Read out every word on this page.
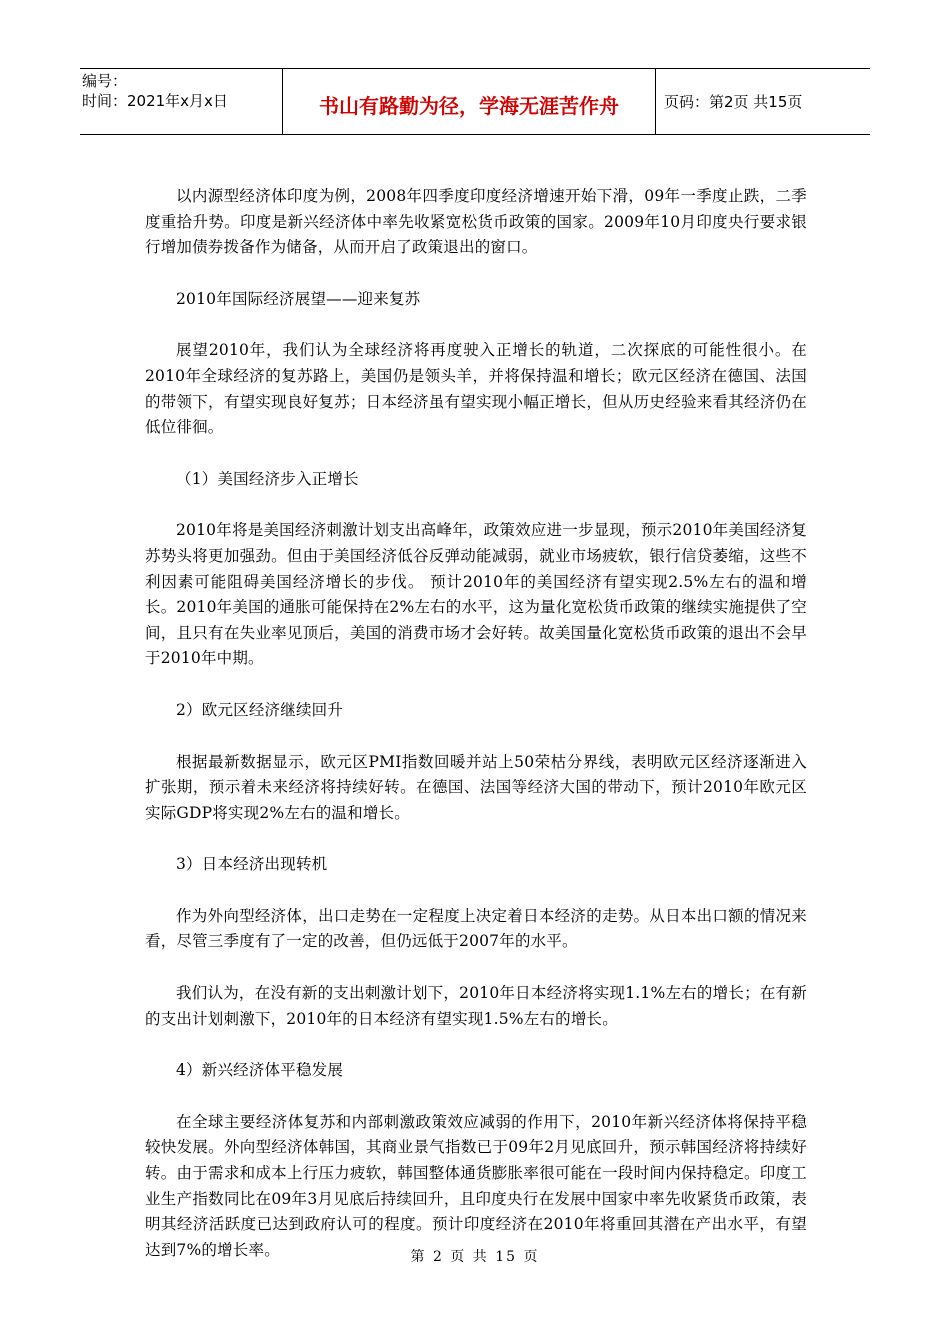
编号：
时间：2021年x月x日	书山有路勤为径，学海无涯苦作舟	页码：第2页 共15页

以内源型经济体印度为例，2008年四季度印度经济增速开始下滑，09年一季度止跌，二季度重拾升势。印度是新兴经济体中率先收紧宽松货币政策的国家。2009年10月印度央行要求银行增加债券拨备作为储备，从而开启了政策退出的窗口。

2010年国际经济展望——迎来复苏

展望2010年，我们认为全球经济将再度驶入正增长的轨道，二次探底的可能性很小。在2010年全球经济的复苏路上，美国仍是领头羊，并将保持温和增长；欧元区经济在德国、法国的带领下，有望实现良好复苏；日本经济虽有望实现小幅正增长，但从历史经验来看其经济仍在低位徘徊。

（1）美国经济步入正增长

2010年将是美国经济刺激计划支出高峰年，政策效应进一步显现，预示2010年美国经济复苏势头将更加强劲。但由于美国经济低谷反弹动能减弱，就业市场疲软，银行信贷萎缩，这些不利因素可能阻碍美国经济增长的步伐。 预计2010年的美国经济有望实现2.5%左右的温和增长。2010年美国的通胀可能保持在2%左右的水平，这为量化宽松货币政策的继续实施提供了空间，且只有在失业率见顶后，美国的消费市场才会好转。故美国量化宽松货币政策的退出不会早于2010年中期。

2）欧元区经济继续回升

根据最新数据显示，欧元区PMI指数回暖并站上50荣枯分界线，表明欧元区经济逐渐进入扩张期，预示着未来经济将持续好转。在德国、法国等经济大国的带动下，预计2010年欧元区实际GDP将实现2%左右的温和增长。

3）日本经济出现转机

作为外向型经济体，出口走势在一定程度上决定着日本经济的走势。从日本出口额的情况来看，尽管三季度有了一定的改善，但仍远低于2007年的水平。

我们认为，在没有新的支出刺激计划下，2010年日本经济将实现1.1%左右的增长；在有新的支出计划刺激下，2010年的日本经济有望实现1.5%左右的增长。

4）新兴经济体平稳发展

在全球主要经济体复苏和内部刺激政策效应减弱的作用下，2010年新兴经济体将保持平稳较快发展。外向型经济体韩国，其商业景气指数已于09年2月见底回升，预示韩国经济将持续好转。由于需求和成本上行压力疲软，韩国整体通货膨胀率很可能在一段时间内保持稳定。印度工业生产指数同比在09年3月见底后持续回升，且印度央行在发展中国家中率先收紧货币政策，表明其经济活跃度已达到政府认可的程度。预计印度经济在2010年将重回其潜在产出水平，有望达到7%的增长率。	第 2 页 共 15 页
